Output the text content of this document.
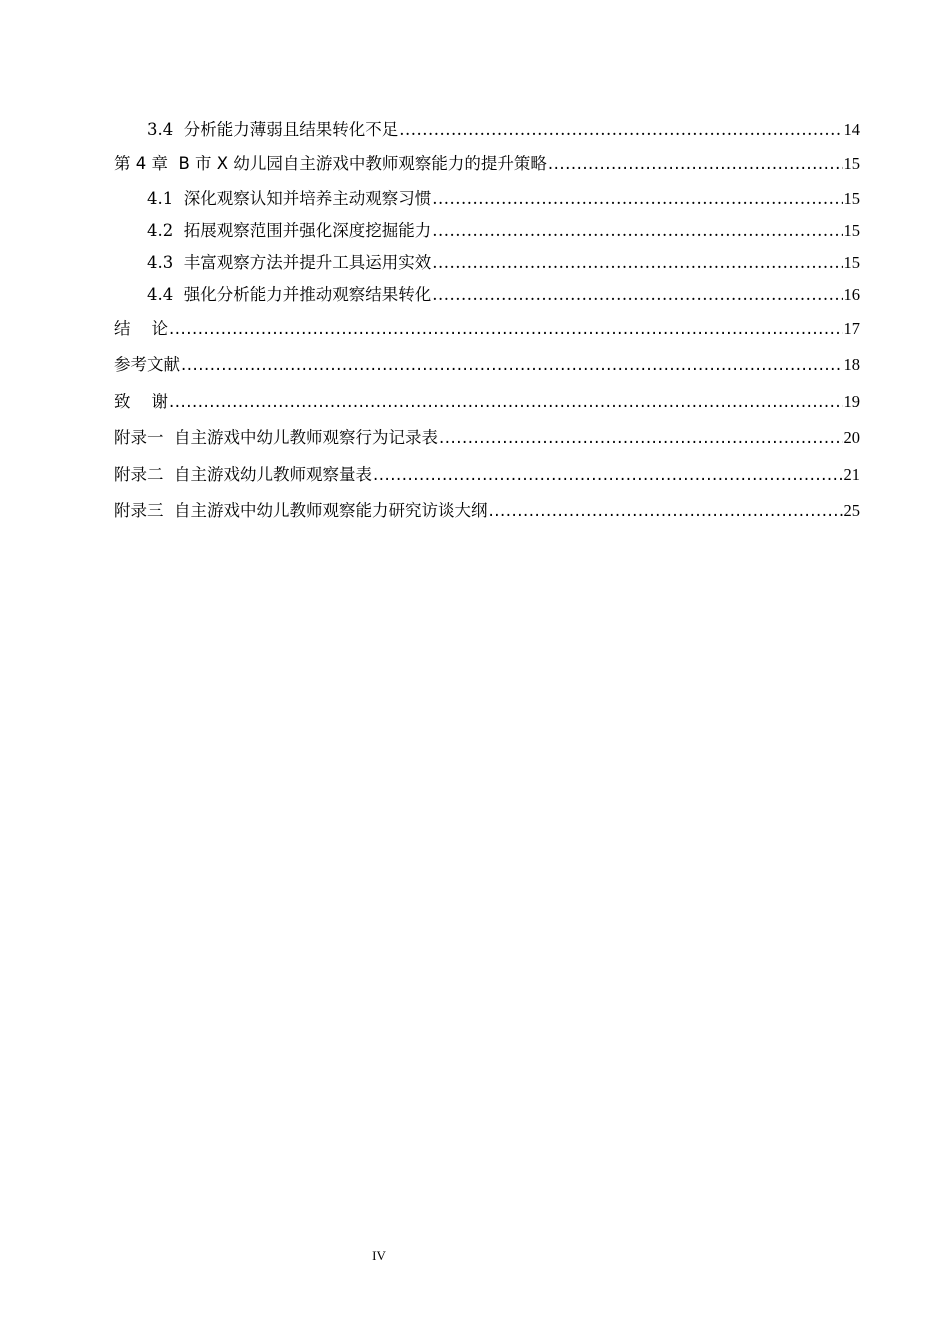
3.4  分析能力薄弱且结果转化不足 .....	14
第 4 章  B 市 X 幼儿园自主游戏中教师观察能力的提升策略 .....	15
4.1  深化观察认知并培养主动观察习惯 .....	15
4.2  拓展观察范围并强化深度挖掘能力 .....	15
4.3  丰富观察方法并提升工具运用实效 .....	15
4.4  强化分析能力并推动观察结果转化 .....	16
结    论 .....	17
参考文献 .....	18
致    谢 .....	19
附录一  自主游戏中幼儿教师观察行为记录表 .....	20
附录二  自主游戏幼儿教师观察量表 .....	21
附录三  自主游戏中幼儿教师观察能力研究访谈大纲 .....	25
IV
